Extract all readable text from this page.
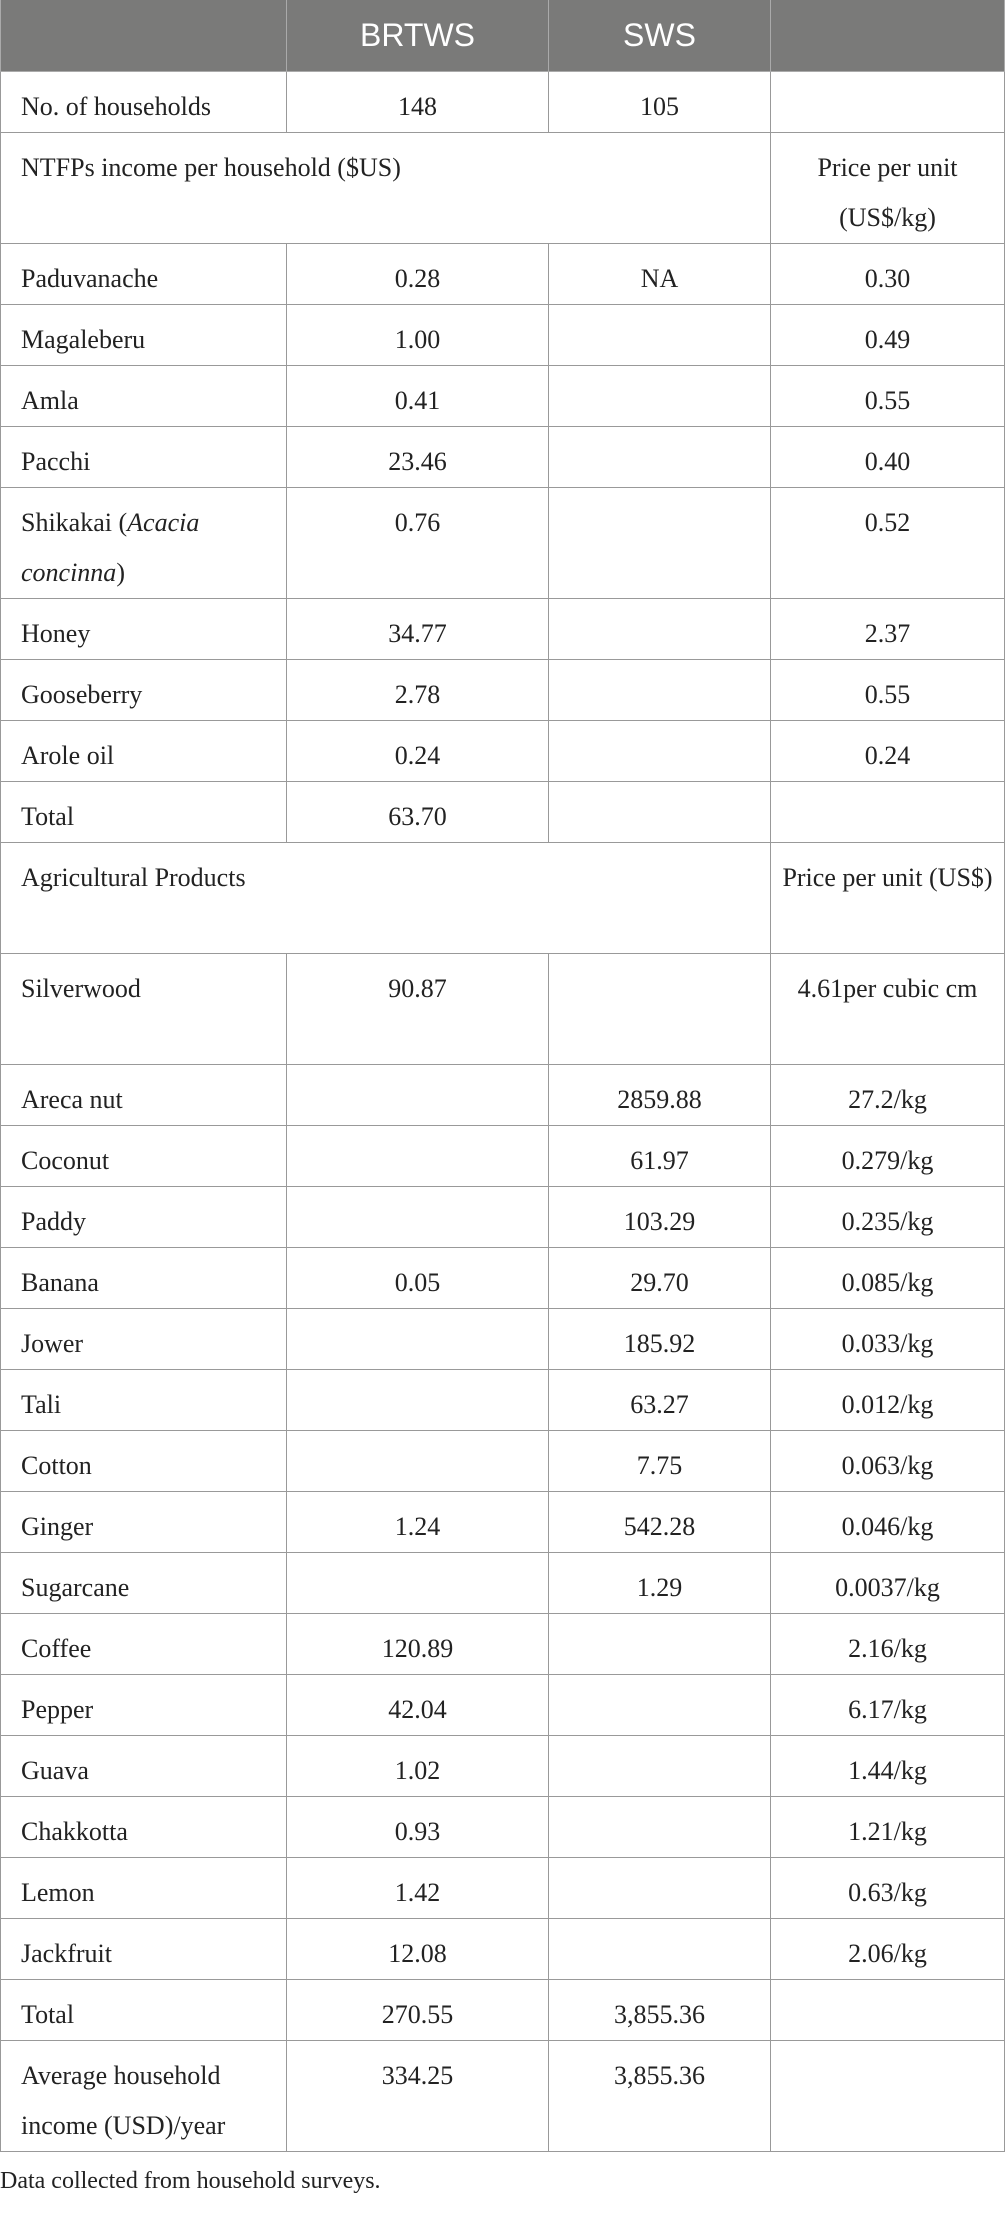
	BRTWS	SWS	
No. of households	148	105	
NTFPs income per household ($US)			Price per unit (US$/kg)
Paduvanache	0.28	NA	0.30
Magaleberu	1.00		0.49
Amla	0.41		0.55
Pacchi	23.46		0.40
Shikakai (Acacia concinna)	0.76		0.52
Honey	34.77		2.37
Gooseberry	2.78		0.55
Arole oil	0.24		0.24
Total	63.70		
Agricultural Products			Price per unit (US$)
Silverwood	90.87		4.61per cubic cm
Areca nut		2859.88	27.2/kg
Coconut		61.97	0.279/kg
Paddy		103.29	0.235/kg
Banana	0.05	29.70	0.085/kg
Jower		185.92	0.033/kg
Tali		63.27	0.012/kg
Cotton		7.75	0.063/kg
Ginger	1.24	542.28	0.046/kg
Sugarcane		1.29	0.0037/kg
Coffee	120.89		2.16/kg
Pepper	42.04		6.17/kg
Guava	1.02		1.44/kg
Chakkotta	0.93		1.21/kg
Lemon	1.42		0.63/kg
Jackfruit	12.08		2.06/kg
Total	270.55	3,855.36	
Average household income (USD)/year	334.25	3,855.36	
Data collected from household surveys.
